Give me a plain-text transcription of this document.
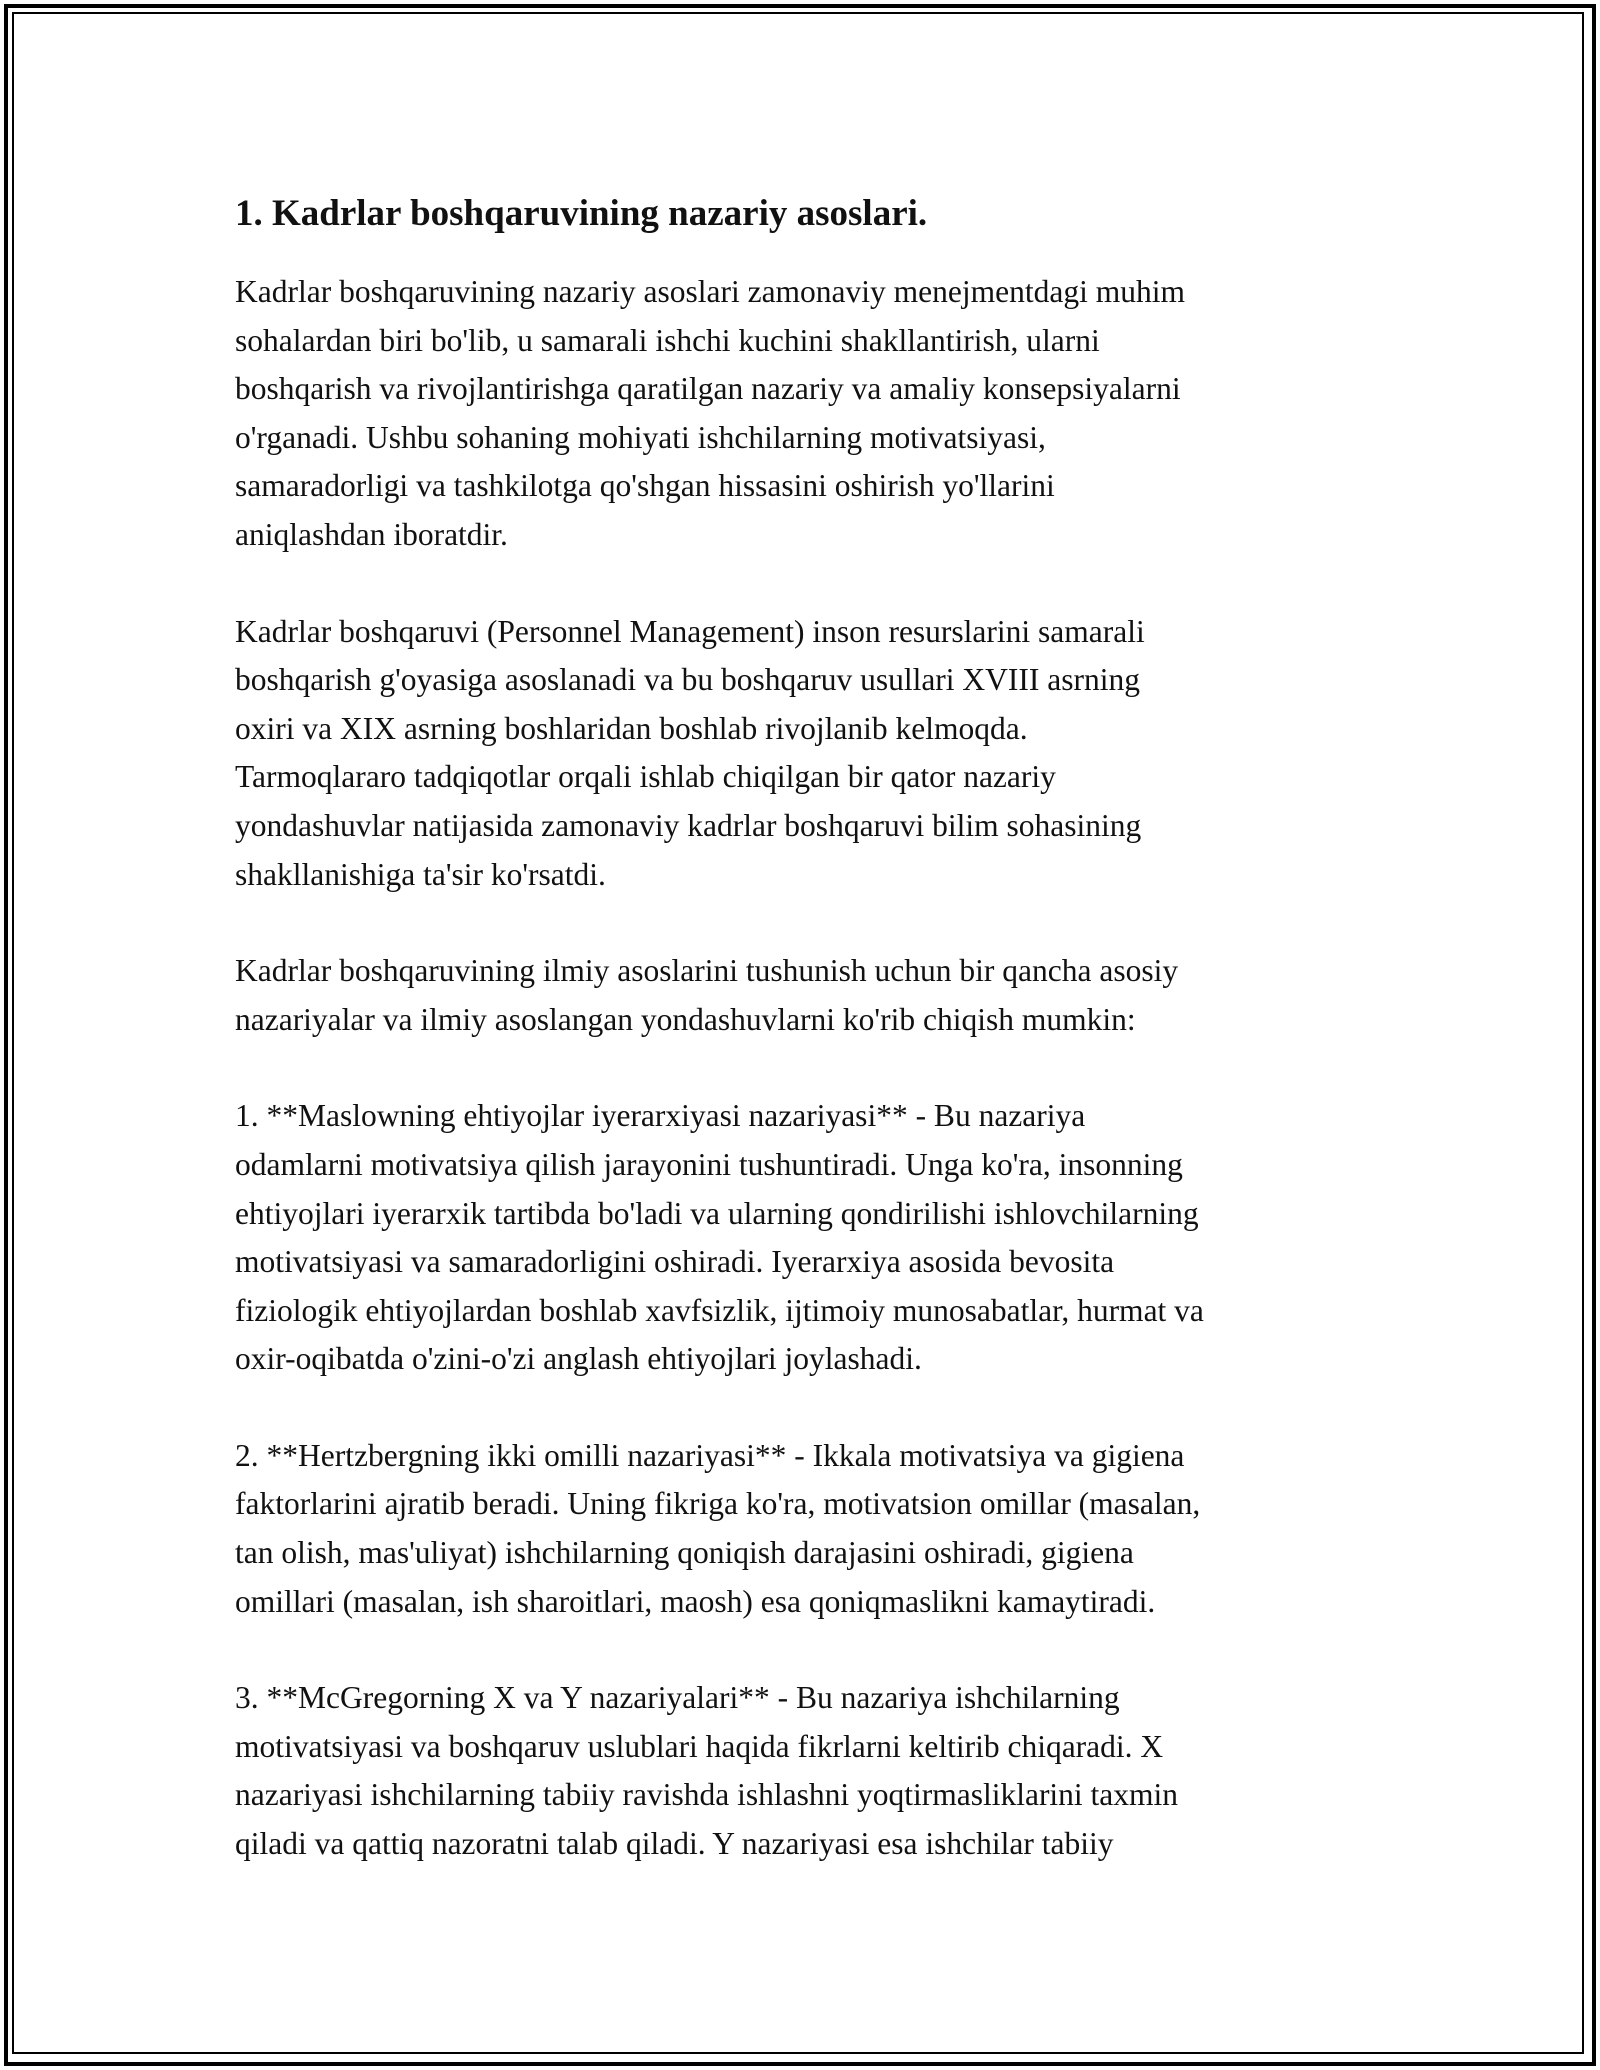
1. Kadrlar boshqaruvining nazariy asoslari.

Kadrlar boshqaruvining nazariy asoslari zamonaviy menejmentdagi muhim
sohalardan biri bo'lib, u samarali ishchi kuchini shakllantirish, ularni
boshqarish va rivojlantirishga qaratilgan nazariy va amaliy konsepsiyalarni
o'rganadi. Ushbu sohaning mohiyati ishchilarning motivatsiyasi,
samaradorligi va tashkilotga qo'shgan hissasini oshirish yo'llarini
aniqlashdan iboratdir.

Kadrlar boshqaruvi (Personnel Management) inson resurslarini samarali
boshqarish g'oyasiga asoslanadi va bu boshqaruv usullari XVIII asrning
oxiri va XIX asrning boshlaridan boshlab rivojlanib kelmoqda.
Tarmoqlararo tadqiqotlar orqali ishlab chiqilgan bir qator nazariy
yondashuvlar natijasida zamonaviy kadrlar boshqaruvi bilim sohasining
shakllanishiga ta'sir ko'rsatdi.

Kadrlar boshqaruvining ilmiy asoslarini tushunish uchun bir qancha asosiy
nazariyalar va ilmiy asoslangan yondashuvlarni ko'rib chiqish mumkin:

1. **Maslowning ehtiyojlar iyerarxiyasi nazariyasi** - Bu nazariya
odamlarni motivatsiya qilish jarayonini tushuntiradi. Unga ko'ra, insonning
ehtiyojlari iyerarxik tartibda bo'ladi va ularning qondirilishi ishlovchilarning
motivatsiyasi va samaradorligini oshiradi. Iyerarxiya asosida bevosita
fiziologik ehtiyojlardan boshlab xavfsizlik, ijtimoiy munosabatlar, hurmat va
oxir-oqibatda o'zini-o'zi anglash ehtiyojlari joylashadi.

2. **Hertzbergning ikki omilli nazariyasi** - Ikkala motivatsiya va gigiena
faktorlarini ajratib beradi. Uning fikriga ko'ra, motivatsion omillar (masalan,
tan olish, mas'uliyat) ishchilarning qoniqish darajasini oshiradi, gigiena
omillari (masalan, ish sharoitlari, maosh) esa qoniqmaslikni kamaytiradi.

3. **McGregorning X va Y nazariyalari** - Bu nazariya ishchilarning
motivatsiyasi va boshqaruv uslublari haqida fikrlarni keltirib chiqaradi. X
nazariyasi ishchilarning tabiiy ravishda ishlashni yoqtirmasliklarini taxmin
qiladi va qattiq nazoratni talab qiladi. Y nazariyasi esa ishchilar tabiiy
